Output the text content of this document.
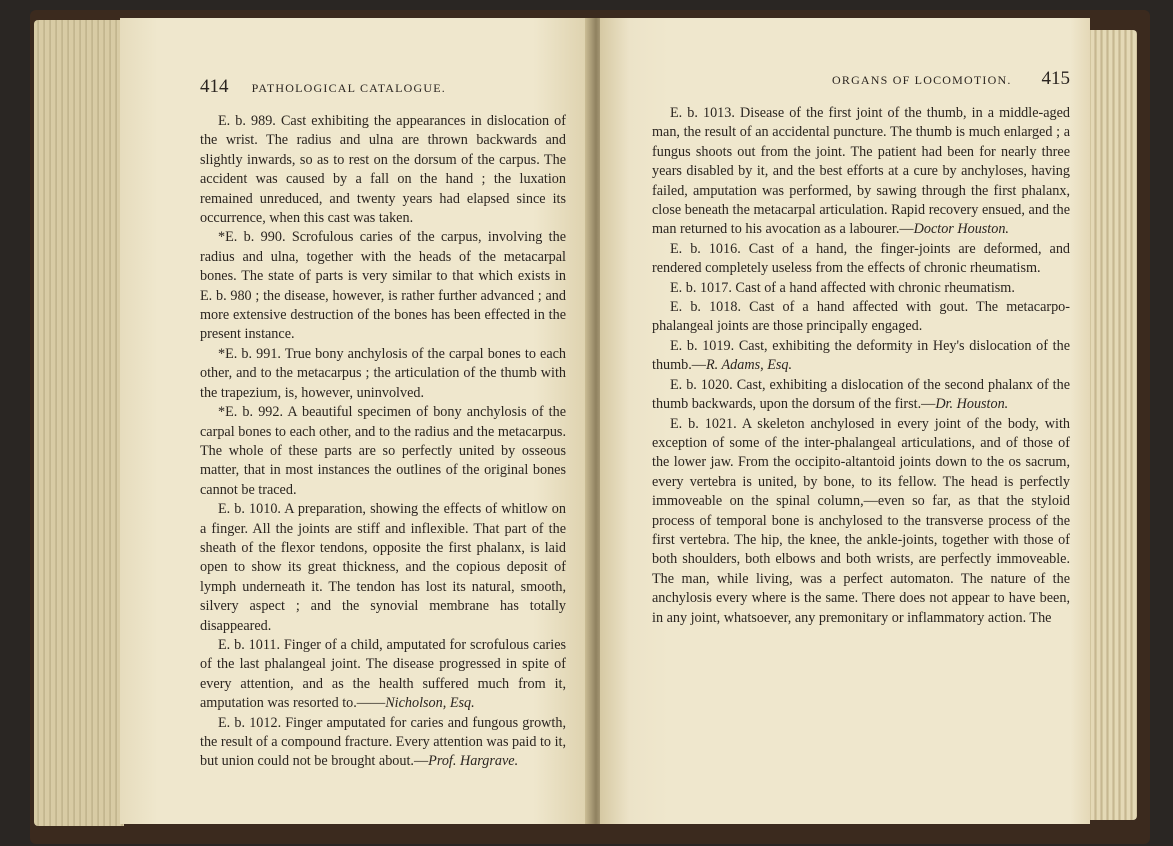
414 PATHOLOGICAL CATALOGUE.

E. b. 989. Cast exhibiting the appearances in dislocation of the wrist. The radius and ulna are thrown backwards and slightly inwards, so as to rest on the dorsum of the carpus. The accident was caused by a fall on the hand ; the luxation remained unreduced, and twenty years had elapsed since its occurrence, when this cast was taken.

*E. b. 990. Scrofulous caries of the carpus, involving the radius and ulna, together with the heads of the metacarpal bones. The state of parts is very similar to that which exists in E. b. 980 ; the disease, however, is rather further advanced ; and more extensive destruction of the bones has been effected in the present instance.

*E. b. 991. True bony anchylosis of the carpal bones to each other, and to the metacarpus ; the articulation of the thumb with the trapezium, is, however, uninvolved.

*E. b. 992. A beautiful specimen of bony anchylosis of the carpal bones to each other, and to the radius and the metacarpus. The whole of these parts are so perfectly united by osseous matter, that in most instances the outlines of the original bones cannot be traced.

E. b. 1010. A preparation, showing the effects of whitlow on a finger. All the joints are stiff and inflexible. That part of the sheath of the flexor tendons, opposite the first phalanx, is laid open to show its great thickness, and the copious deposit of lymph underneath it. The tendon has lost its natural, smooth, silvery aspect ; and the synovial membrane has totally disappeared.

E. b. 1011. Finger of a child, amputated for scrofulous caries of the last phalangeal joint. The disease progressed in spite of every attention, and as the health suffered much from it, amputation was resorted to.——Nicholson, Esq.

E. b. 1012. Finger amputated for caries and fungous growth, the result of a compound fracture. Every attention was paid to it, but union could not be brought about.—Prof. Hargrave.

ORGANS OF LOCOMOTION. 415

E. b. 1013. Disease of the first joint of the thumb, in a middle-aged man, the result of an accidental puncture. The thumb is much enlarged ; a fungus shoots out from the joint. The patient had been for nearly three years disabled by it, and the best efforts at a cure by anchyloses, having failed, amputation was performed, by sawing through the first phalanx, close beneath the metacarpal articulation. Rapid recovery ensued, and the man returned to his avocation as a labourer.—Doctor Houston.

E. b. 1016. Cast of a hand, the finger-joints are deformed, and rendered completely useless from the effects of chronic rheumatism.

E. b. 1017. Cast of a hand affected with chronic rheumatism.

E. b. 1018. Cast of a hand affected with gout. The metacarpo-phalangeal joints are those principally engaged.

E. b. 1019. Cast, exhibiting the deformity in Hey's dislocation of the thumb.—R. Adams, Esq.

E. b. 1020. Cast, exhibiting a dislocation of the second phalanx of the thumb backwards, upon the dorsum of the first.—Dr. Houston.

E. b. 1021. A skeleton anchylosed in every joint of the body, with exception of some of the inter-phalangeal articulations, and of those of the lower jaw. From the occipito-altantoid joints down to the os sacrum, every vertebra is united, by bone, to its fellow. The head is perfectly immoveable on the spinal column,—even so far, as that the styloid process of temporal bone is anchylosed to the transverse process of the first vertebra. The hip, the knee, the ankle-joints, together with those of both shoulders, both elbows and both wrists, are perfectly immoveable. The man, while living, was a perfect automaton. The nature of the anchylosis every where is the same. There does not appear to have been, in any joint, whatsoever, any premonitary or inflammatory action. The
